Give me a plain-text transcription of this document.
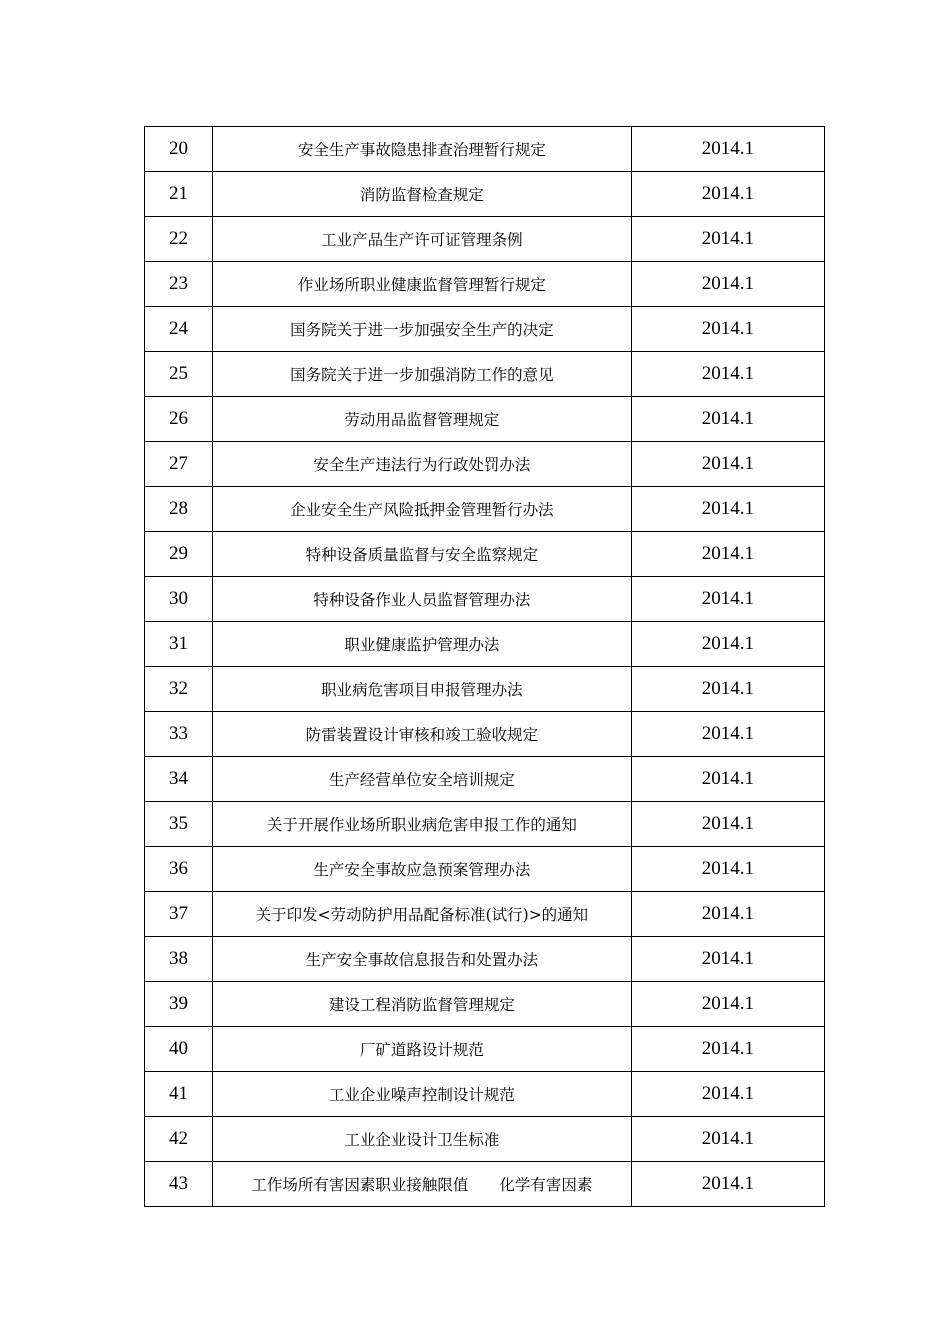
20	安全生产事故隐患排查治理暂行规定	2014.1
21	消防监督检查规定	2014.1
22	工业产品生产许可证管理条例	2014.1
23	作业场所职业健康监督管理暂行规定	2014.1
24	国务院关于进一步加强安全生产的决定	2014.1
25	国务院关于进一步加强消防工作的意见	2014.1
26	劳动用品监督管理规定	2014.1
27	安全生产违法行为行政处罚办法	2014.1
28	企业安全生产风险抵押金管理暂行办法	2014.1
29	特种设备质量监督与安全监察规定	2014.1
30	特种设备作业人员监督管理办法	2014.1
31	职业健康监护管理办法	2014.1
32	职业病危害项目申报管理办法	2014.1
33	防雷装置设计审核和竣工验收规定	2014.1
34	生产经营单位安全培训规定	2014.1
35	关于开展作业场所职业病危害申报工作的通知	2014.1
36	生产安全事故应急预案管理办法	2014.1
37	关于印发<劳动防护用品配备标准(试行)>的通知	2014.1
38	生产安全事故信息报告和处置办法	2014.1
39	建设工程消防监督管理规定	2014.1
40	厂矿道路设计规范	2014.1
41	工业企业噪声控制设计规范	2014.1
42	工业企业设计卫生标准	2014.1
43	工作场所有害因素职业接触限值　　化学有害因素	2014.1
